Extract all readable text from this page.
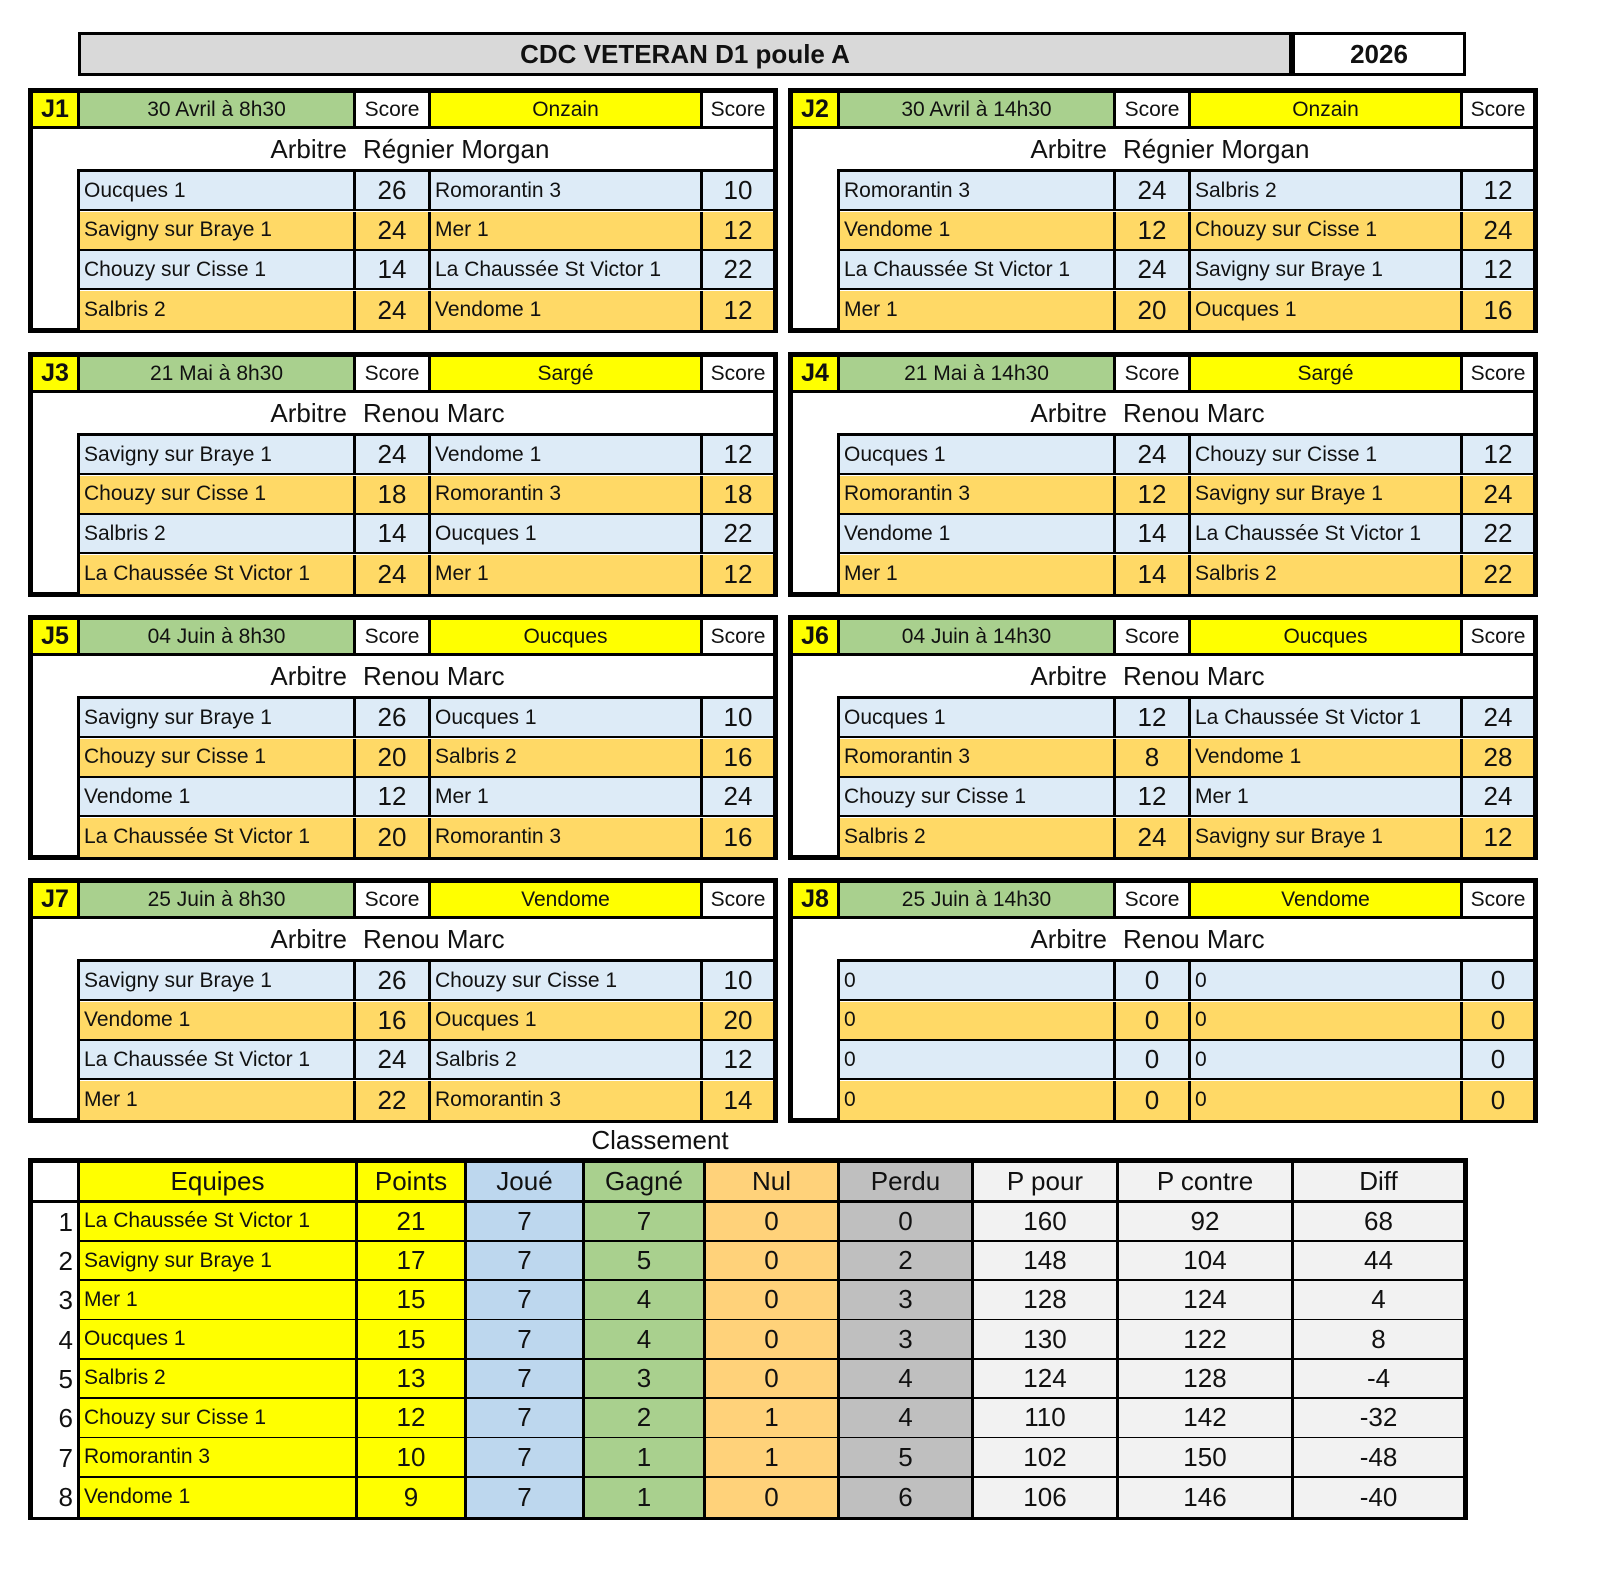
CDC VETERAN D1 poule A	2026
J1	30 Avril à 8h30	Score	Onzain	Score
Arbitre Régnier Morgan
Oucques 1	26	Romorantin 3	10
Savigny sur Braye 1	24	Mer 1	12
Chouzy sur Cisse 1	14	La Chaussée St Victor 1	22
Salbris 2	24	Vendome 1	12
J2	30 Avril à 14h30	Score	Onzain	Score
Arbitre Régnier Morgan
Romorantin 3	24	Salbris 2	12
Vendome 1	12	Chouzy sur Cisse 1	24
La Chaussée St Victor 1	24	Savigny sur Braye 1	12
Mer 1	20	Oucques 1	16
J3	21 Mai à 8h30	Score	Sargé	Score
Arbitre Renou Marc
Savigny sur Braye 1	24	Vendome 1	12
Chouzy sur Cisse 1	18	Romorantin 3	18
Salbris 2	14	Oucques 1	22
La Chaussée St Victor 1	24	Mer 1	12
J4	21 Mai à 14h30	Score	Sargé	Score
Arbitre Renou Marc
Oucques 1	24	Chouzy sur Cisse 1	12
Romorantin 3	12	Savigny sur Braye 1	24
Vendome 1	14	La Chaussée St Victor 1	22
Mer 1	14	Salbris 2	22
J5	04 Juin à 8h30	Score	Oucques	Score
Arbitre Renou Marc
Savigny sur Braye 1	26	Oucques 1	10
Chouzy sur Cisse 1	20	Salbris 2	16
Vendome 1	12	Mer 1	24
La Chaussée St Victor 1	20	Romorantin 3	16
J6	04 Juin à 14h30	Score	Oucques	Score
Arbitre Renou Marc
Oucques 1	12	La Chaussée St Victor 1	24
Romorantin 3	8	Vendome 1	28
Chouzy sur Cisse 1	12	Mer 1	24
Salbris 2	24	Savigny sur Braye 1	12
J7	25 Juin à 8h30	Score	Vendome	Score
Arbitre Renou Marc
Savigny sur Braye 1	26	Chouzy sur Cisse 1	10
Vendome 1	16	Oucques 1	20
La Chaussée St Victor 1	24	Salbris 2	12
Mer 1	22	Romorantin 3	14
J8	25 Juin à 14h30	Score	Vendome	Score
Arbitre Renou Marc
0	0	0	0
0	0	0	0
0	0	0	0
0	0	0	0
Classement
Equipes	Points	Joué	Gagné	Nul	Perdu	P pour	P contre	Diff
1 La Chaussée St Victor 1	21	7	7	0	0	160	92	68
2 Savigny sur Braye 1	17	7	5	0	2	148	104	44
3 Mer 1	15	7	4	0	3	128	124	4
4 Oucques 1	15	7	4	0	3	130	122	8
5 Salbris 2	13	7	3	0	4	124	128	-4
6 Chouzy sur Cisse 1	12	7	2	1	4	110	142	-32
7 Romorantin 3	10	7	1	1	5	102	150	-48
8 Vendome 1	9	7	1	0	6	106	146	-40
